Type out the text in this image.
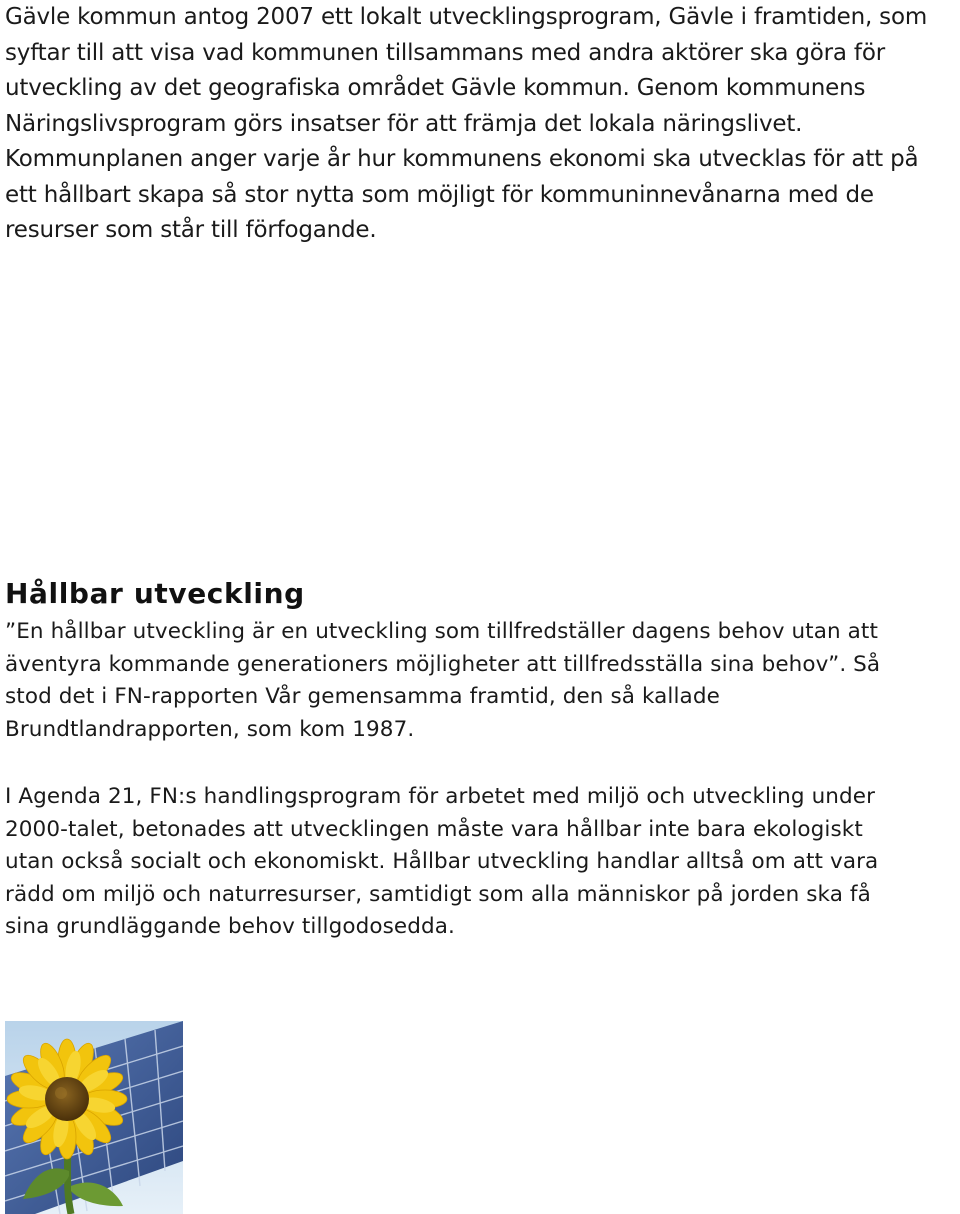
Gävle kommun antog 2007 ett lokalt utvecklingsprogram, Gävle i framtiden, som
syftar till att visa vad kommunen tillsammans med andra aktörer ska göra för
utveckling av det geografiska området Gävle kommun. Genom kommunens
Näringslivsprogram görs insatser för att främja det lokala näringslivet.
Kommunplanen anger varje år hur kommunens ekonomi ska utvecklas för att på
ett hållbart skapa så stor nytta som möjligt för kommuninnevånarna med de
resurser som står till förfogande.
Hållbar utveckling
”En hållbar utveckling är en utveckling som tillfredställer dagens behov utan att
äventyra kommande generationers möjligheter att tillfredsställa sina behov”. Så
stod det i FN-rapporten Vår gemensamma framtid, den så kallade
Brundtlandrapporten, som kom 1987.
I Agenda 21, FN:s handlingsprogram för arbetet med miljö och utveckling under
2000-talet, betonades att utvecklingen måste vara hållbar inte bara ekologiskt
utan också socialt och ekonomiskt. Hållbar utveckling handlar alltså om att vara
rädd om miljö och naturresurser, samtidigt som alla människor på jorden ska få
sina grundläggande behov tillgodosedda.
